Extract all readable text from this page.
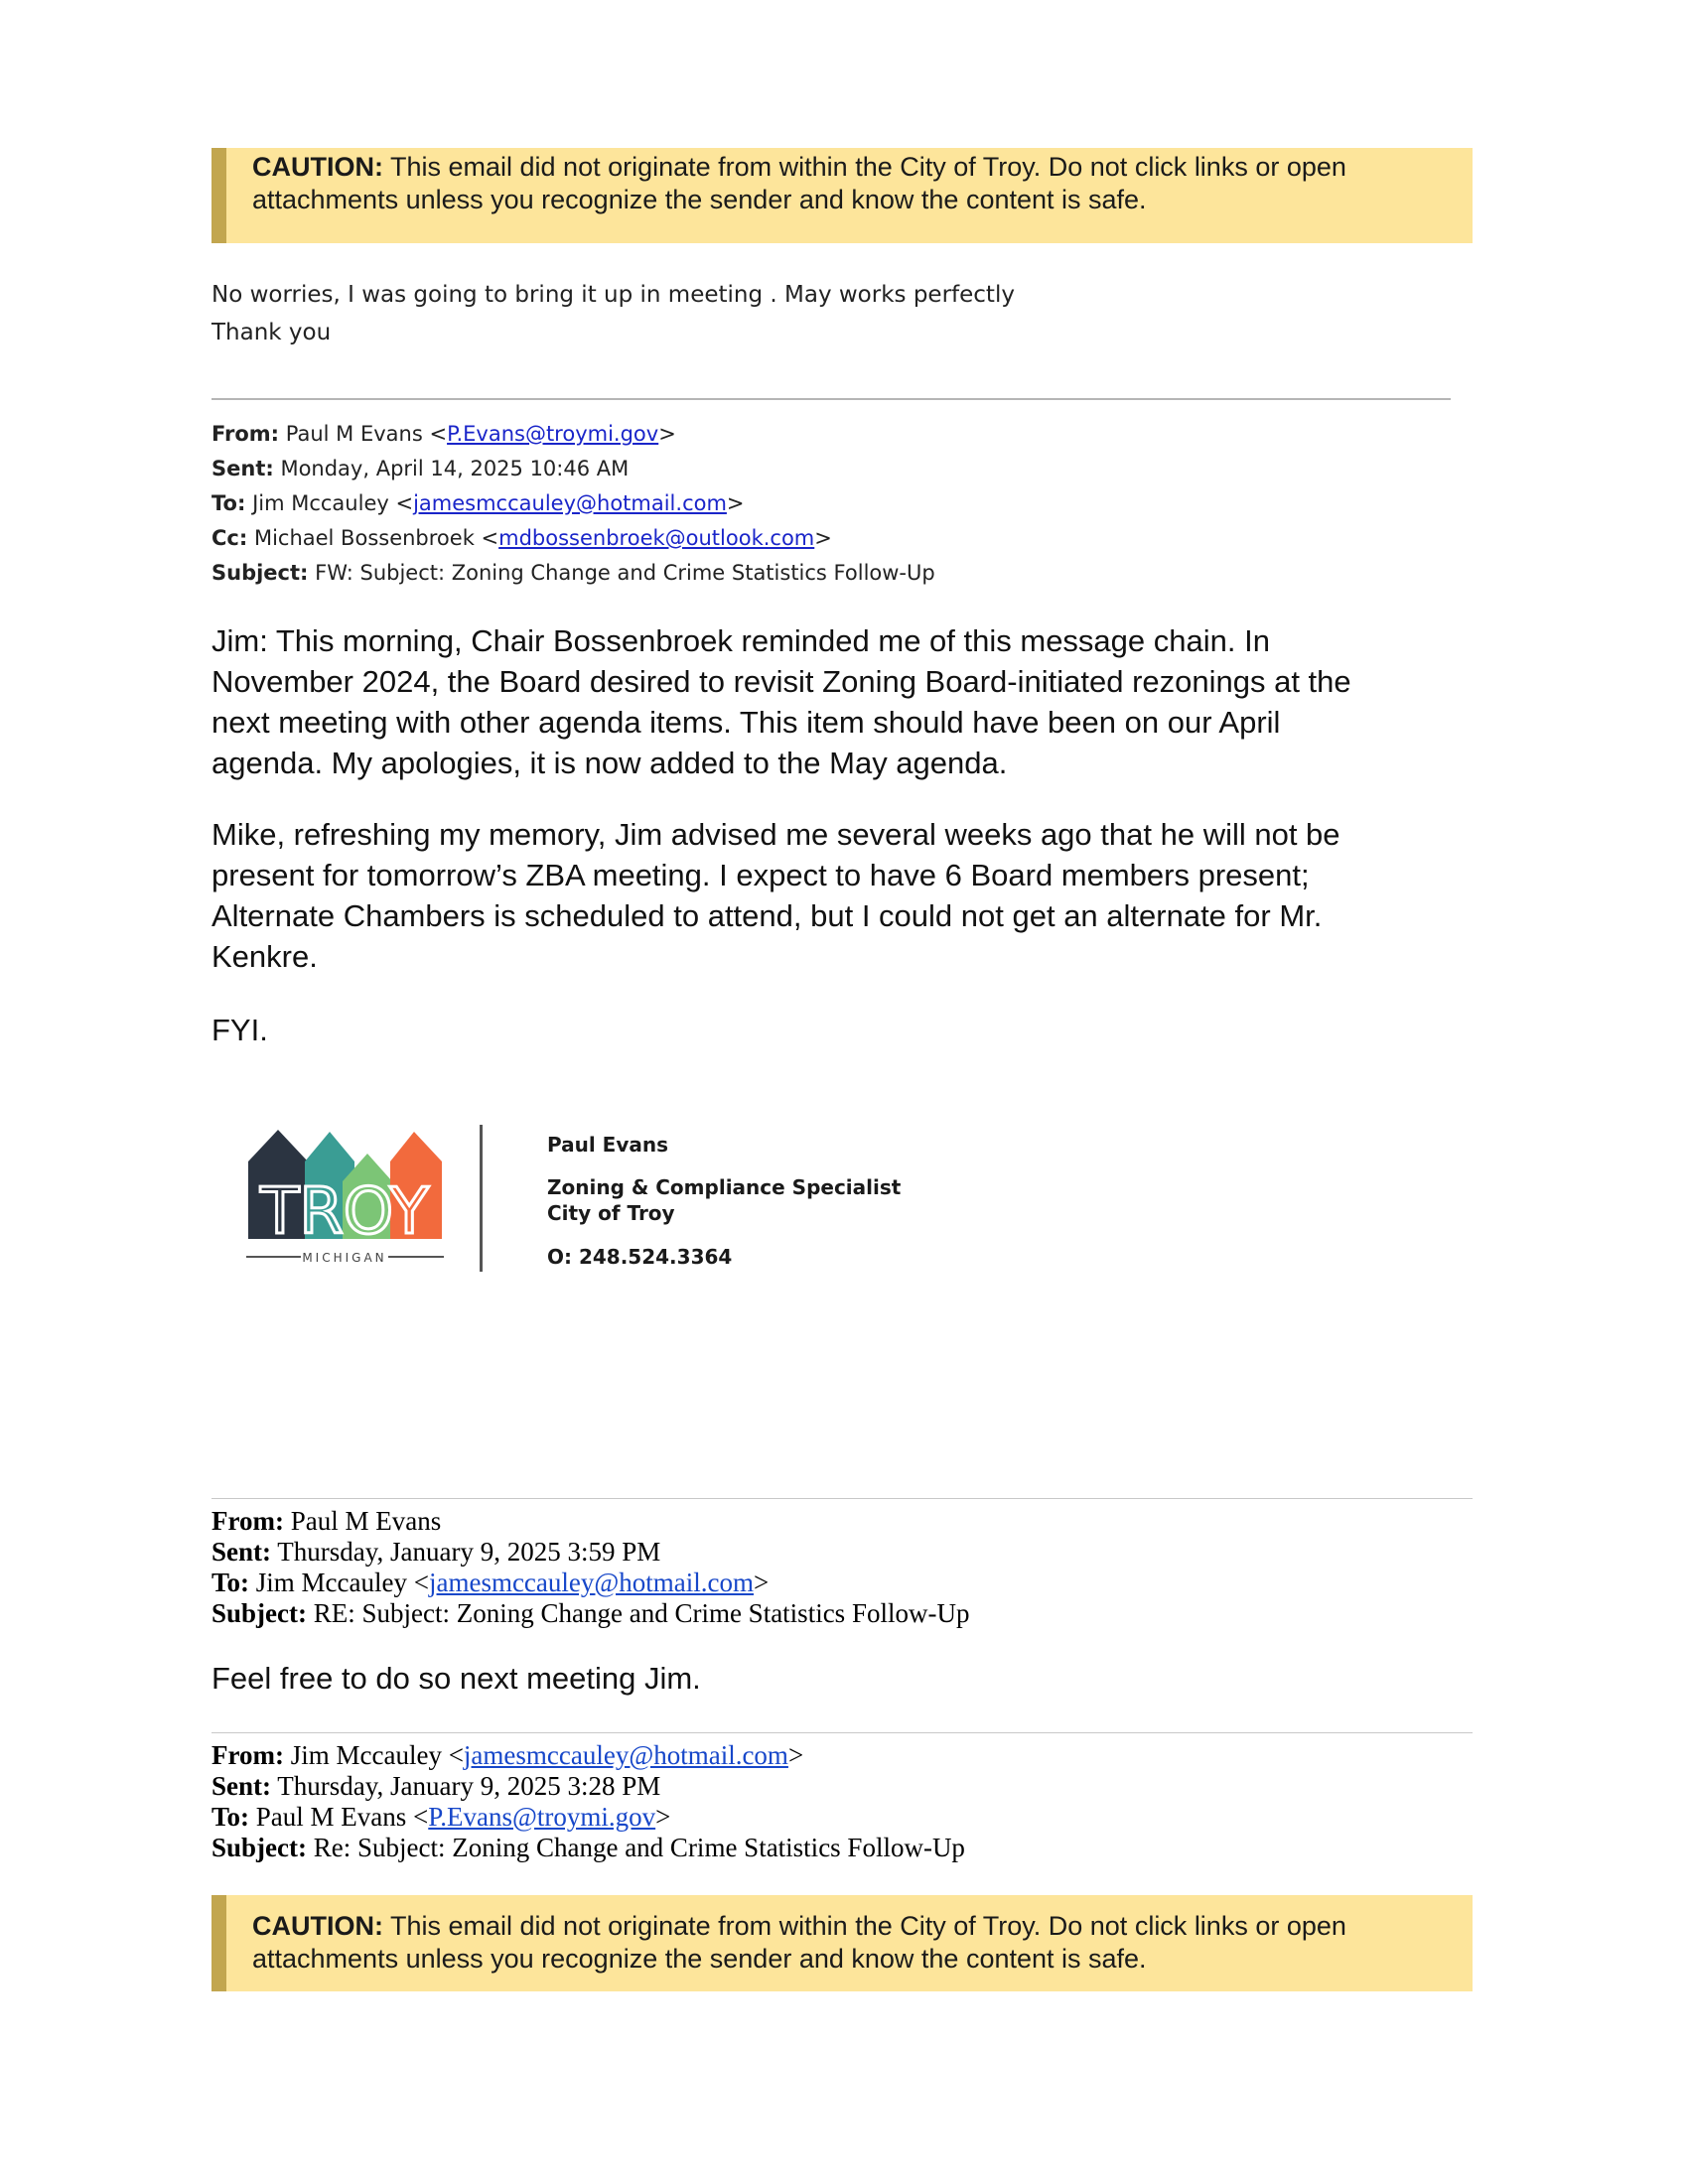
CAUTION: This email did not originate from within the City of Troy. Do not click links or open
attachments unless you recognize the sender and know the content is safe.
No worries, I was going to bring it up in meeting . May works perfectly
Thank you
From: Paul M Evans <P.Evans@troymi.gov>
Sent: Monday, April 14, 2025 10:46 AM
To: Jim Mccauley <jamesmccauley@hotmail.com>
Cc: Michael Bossenbroek <mdbossenbroek@outlook.com>
Subject: FW: Subject: Zoning Change and Crime Statistics Follow-Up
Jim: This morning, Chair Bossenbroek reminded me of this message chain. In
November 2024, the Board desired to revisit Zoning Board-initiated rezonings at the
next meeting with other agenda items. This item should have been on our April
agenda. My apologies, it is now added to the May agenda.
Mike, refreshing my memory, Jim advised me several weeks ago that he will not be
present for tomorrow’s ZBA meeting. I expect to have 6 Board members present;
Alternate Chambers is scheduled to attend, but I could not get an alternate for Mr.
Kenkre.
FYI.
TROY
MICHIGAN
Paul Evans
Zoning & Compliance Specialist
City of Troy
O: 248.524.3364
From: Paul M Evans
Sent: Thursday, January 9, 2025 3:59 PM
To: Jim Mccauley <jamesmccauley@hotmail.com>
Subject: RE: Subject: Zoning Change and Crime Statistics Follow-Up
Feel free to do so next meeting Jim.
From: Jim Mccauley <jamesmccauley@hotmail.com>
Sent: Thursday, January 9, 2025 3:28 PM
To: Paul M Evans <P.Evans@troymi.gov>
Subject: Re: Subject: Zoning Change and Crime Statistics Follow-Up
CAUTION: This email did not originate from within the City of Troy. Do not click links or open
attachments unless you recognize the sender and know the content is safe.
